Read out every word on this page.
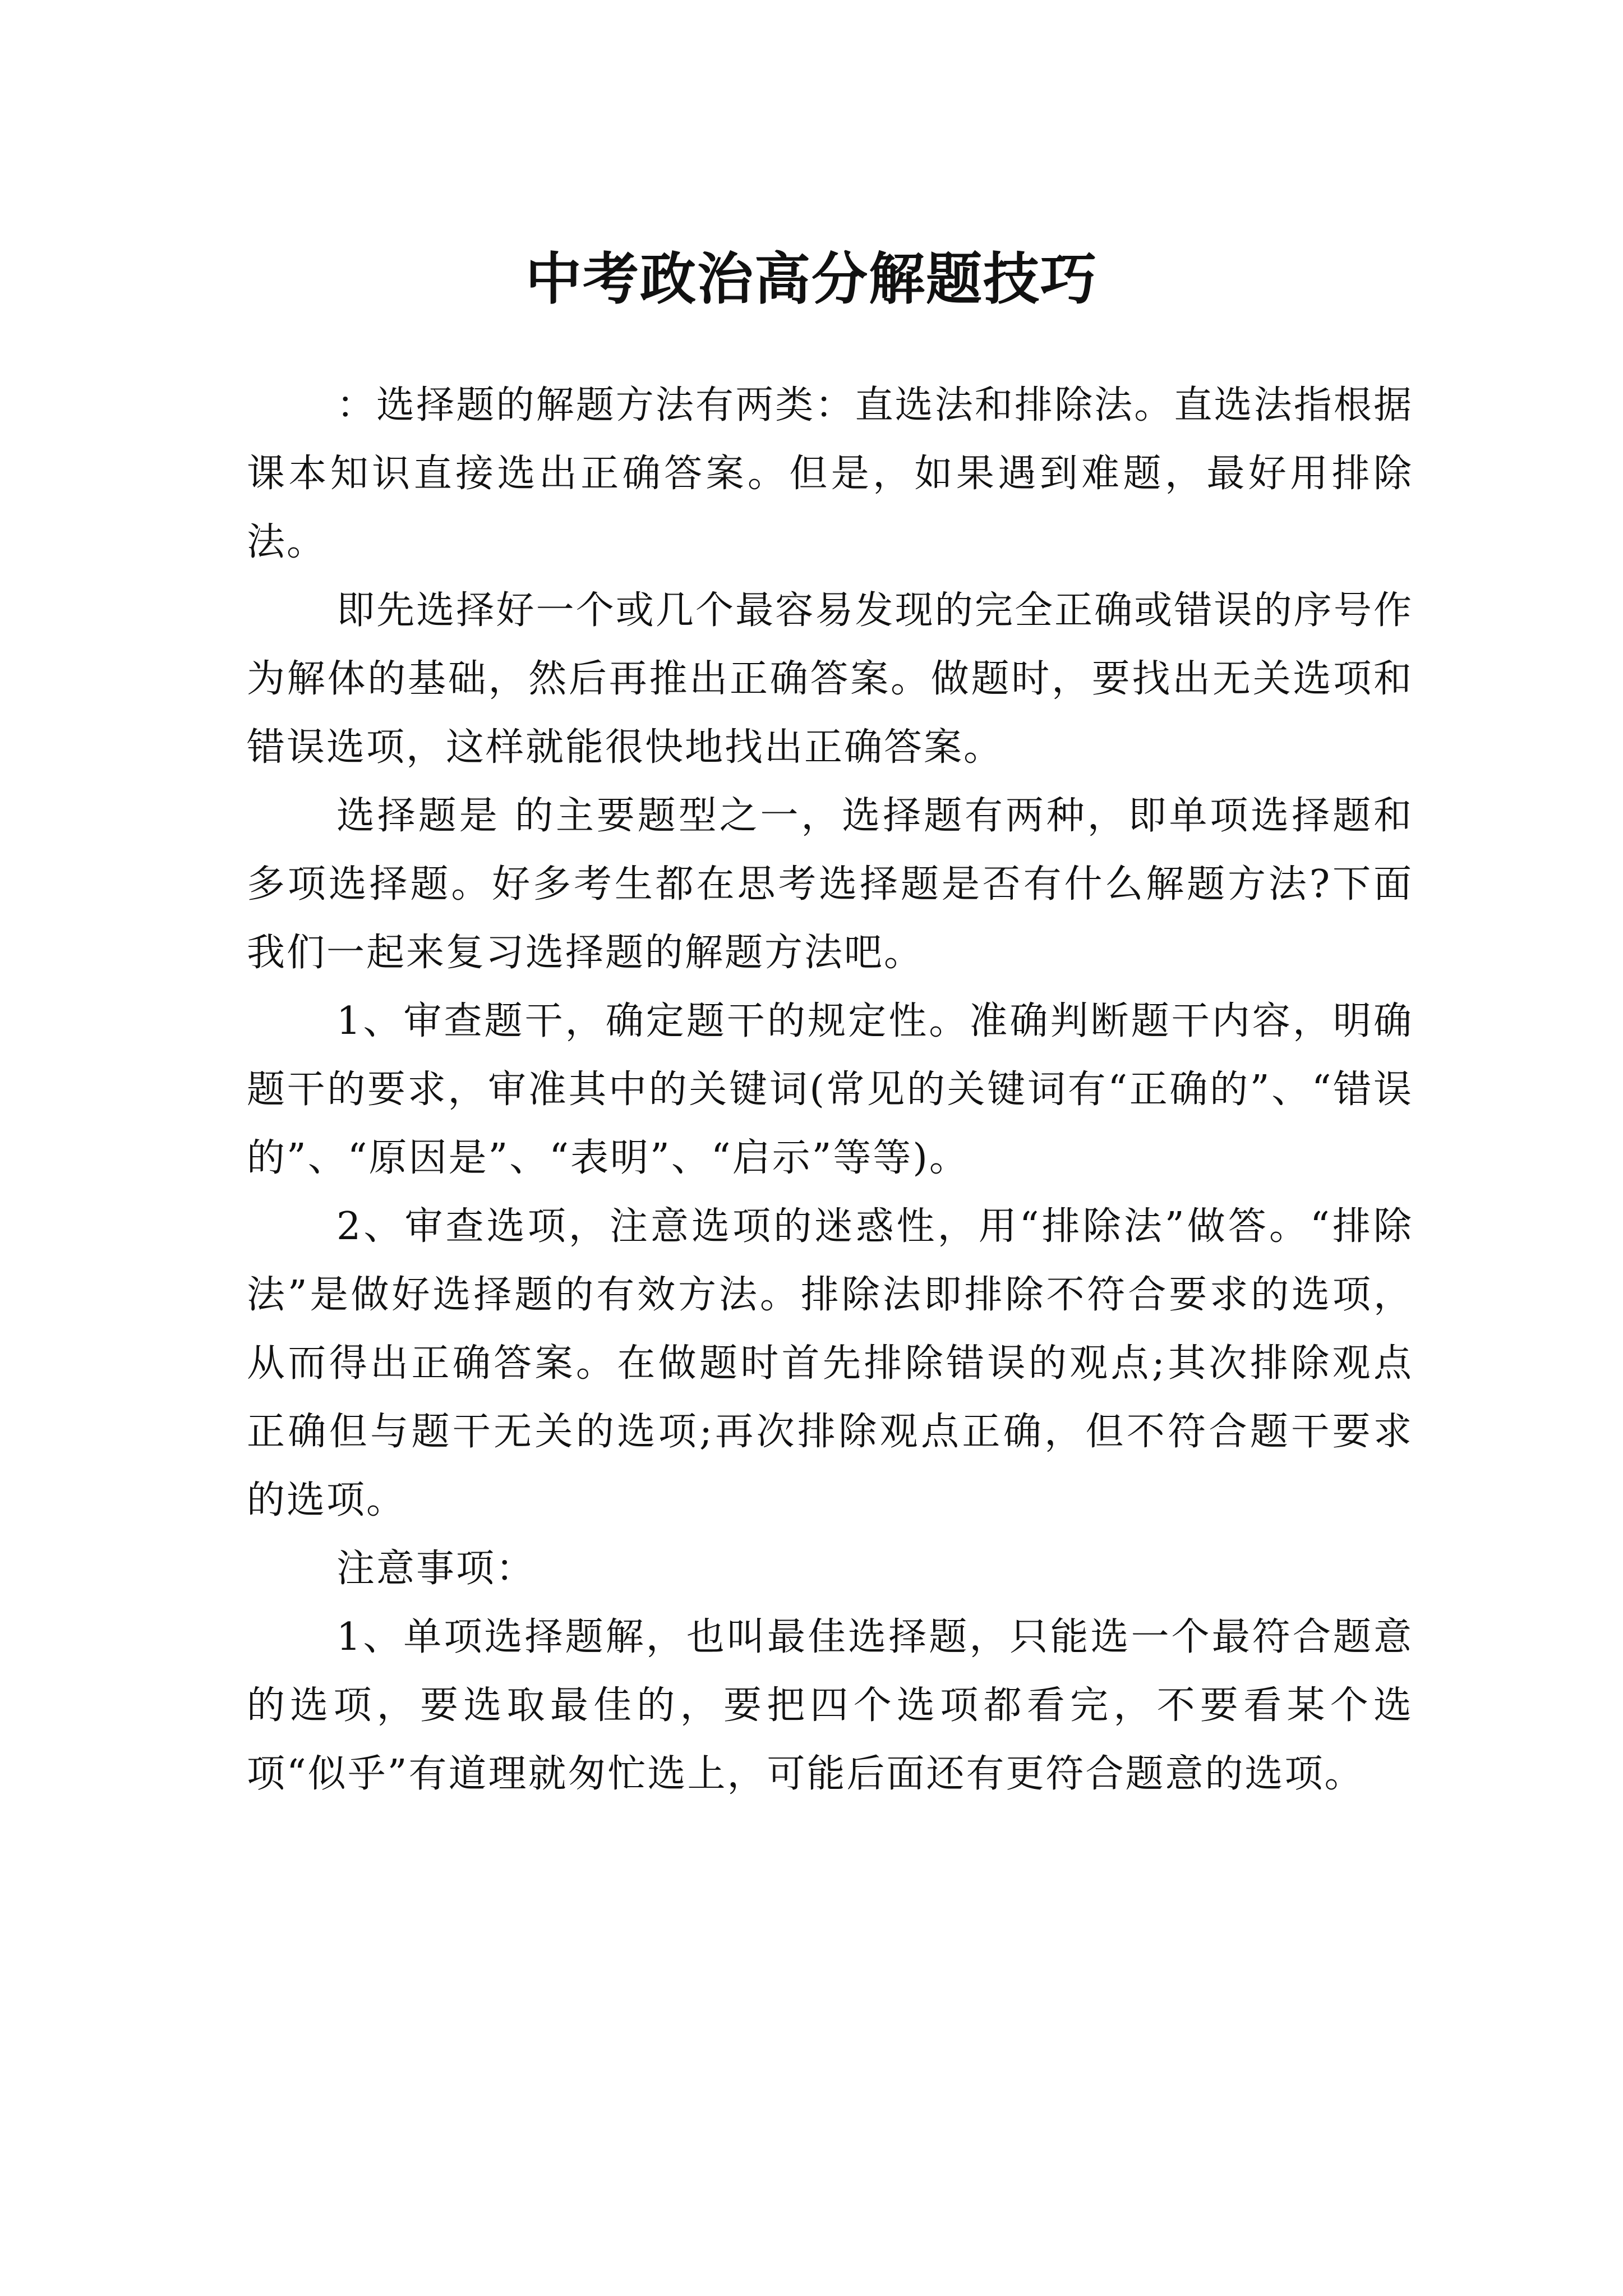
中考政治高分解题技巧

：选择题的解题方法有两类：直选法和排除法。直选法指根据课本知识直接选出正确答案。但是，如果遇到难题，最好用排除法。

即先选择好一个或几个最容易发现的完全正确或错误的序号作为解体的基础，然后再推出正确答案。做题时，要找出无关选项和错误选项，这样就能很快地找出正确答案。

选择题是 的主要题型之一，选择题有两种，即单项选择题和多项选择题。好多考生都在思考选择题是否有什么解题方法?下面我们一起来复习选择题的解题方法吧。

1、审查题干，确定题干的规定性。准确判断题干内容，明确题干的要求，审准其中的关键词(常见的关键词有“正确的”、“错误的”、“原因是”、“表明”、“启示”等等)。

2、审查选项，注意选项的迷惑性，用“排除法”做答。“排除法”是做好选择题的有效方法。排除法即排除不符合要求的选项，从而得出正确答案。在做题时首先排除错误的观点;其次排除观点正确但与题干无关的选项;再次排除观点正确，但不符合题干要求的选项。

注意事项：

1、单项选择题解，也叫最佳选择题，只能选一个最符合题意的选项，要选取最佳的，要把四个选项都看完，不要看某个选项“似乎”有道理就匆忙选上，可能后面还有更符合题意的选项。
